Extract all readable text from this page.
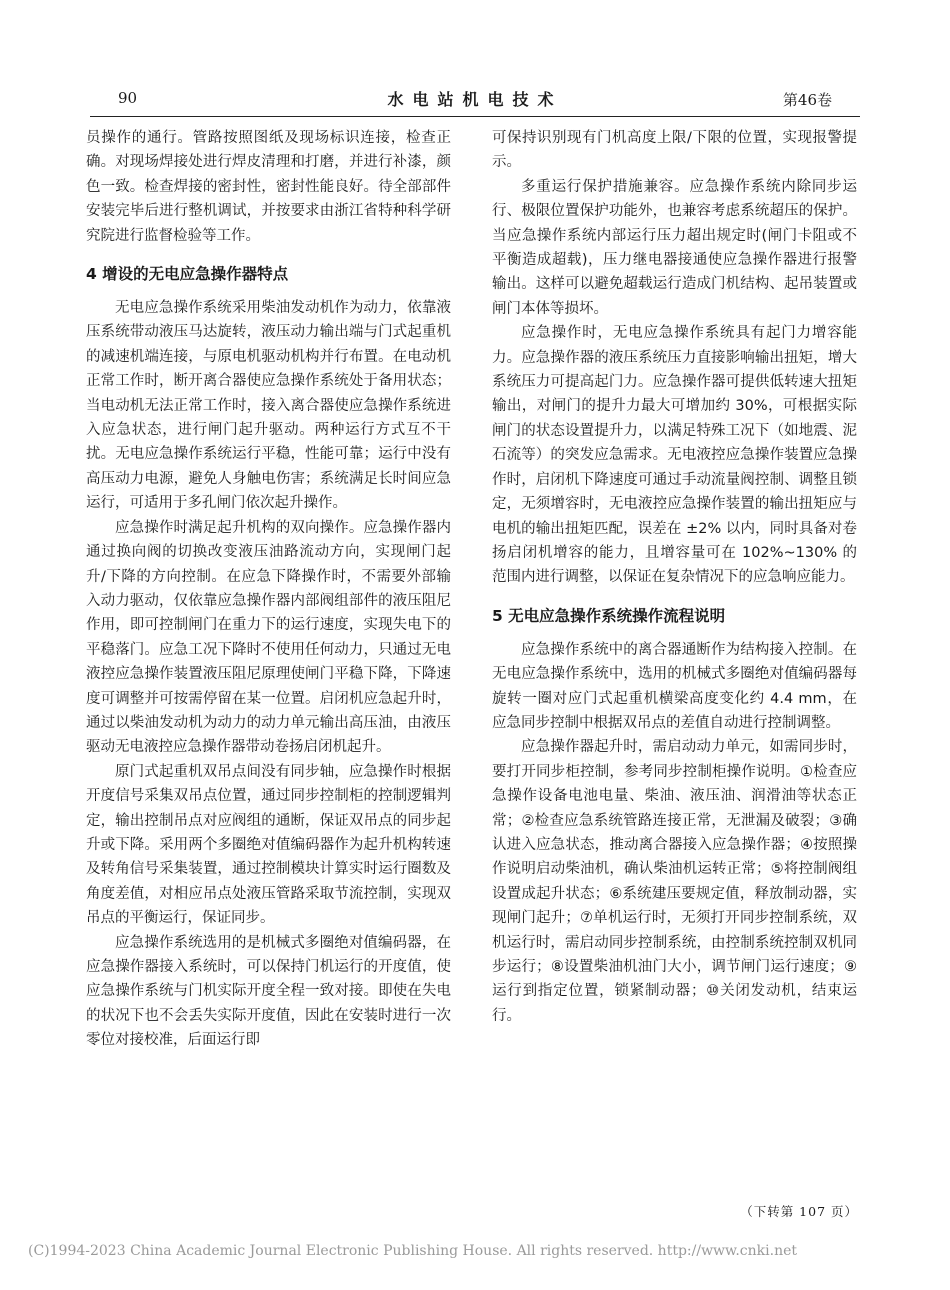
90	水电站机电技术	第46卷

员操作的通行。管路按照图纸及现场标识连接，检查正确。对现场焊接处进行焊皮清理和打磨，并进行补漆，颜色一致。检查焊接的密封性，密封性能良好。待全部部件安装完毕后进行整机调试，并按要求由浙江省特种科学研究院进行监督检验等工作。

4 增设的无电应急操作器特点

无电应急操作系统采用柴油发动机作为动力，依靠液压系统带动液压马达旋转，液压动力输出端与门式起重机的减速机端连接，与原电机驱动机构并行布置。在电动机正常工作时，断开离合器使应急操作系统处于备用状态；当电动机无法正常工作时，接入离合器使应急操作系统进入应急状态，进行闸门起升驱动。两种运行方式互不干扰。无电应急操作系统运行平稳，性能可靠；运行中没有高压动力电源，避免人身触电伤害；系统满足长时间应急运行，可适用于多孔闸门依次起升操作。

应急操作时满足起升机构的双向操作。应急操作器内通过换向阀的切换改变液压油路流动方向，实现闸门起升/下降的方向控制。在应急下降操作时，不需要外部输入动力驱动，仅依靠应急操作器内部阀组部件的液压阻尼作用，即可控制闸门在重力下的运行速度，实现失电下的平稳落门。应急工况下降时不使用任何动力，只通过无电液控应急操作装置液压阻尼原理使闸门平稳下降，下降速度可调整并可按需停留在某一位置。启闭机应急起升时，通过以柴油发动机为动力的动力单元输出高压油，由液压驱动无电液控应急操作器带动卷扬启闭机起升。

原门式起重机双吊点间没有同步轴，应急操作时根据开度信号采集双吊点位置，通过同步控制柜的控制逻辑判定，输出控制吊点对应阀组的通断，保证双吊点的同步起升或下降。采用两个多圈绝对值编码器作为起升机构转速及转角信号采集装置，通过控制模块计算实时运行圈数及角度差值，对相应吊点处液压管路采取节流控制，实现双吊点的平衡运行，保证同步。

应急操作系统选用的是机械式多圈绝对值编码器，在应急操作器接入系统时，可以保持门机运行的开度值，使应急操作系统与门机实际开度全程一致对接。即使在失电的状况下也不会丢失实际开度值，因此在安装时进行一次零位对接校准，后面运行即

可保持识别现有门机高度上限/下限的位置，实现报警提示。

多重运行保护措施兼容。应急操作系统内除同步运行、极限位置保护功能外，也兼容考虑系统超压的保护。当应急操作系统内部运行压力超出规定时(闸门卡阻或不平衡造成超载)，压力继电器接通使应急操作器进行报警输出。这样可以避免超载运行造成门机结构、起吊装置或闸门本体等损坏。

应急操作时，无电应急操作系统具有起门力增容能力。应急操作器的液压系统压力直接影响输出扭矩，增大系统压力可提高起门力。应急操作器可提供低转速大扭矩输出，对闸门的提升力最大可增加约 30%，可根据实际闸门的状态设置提升力，以满足特殊工况下（如地震、泥石流等）的突发应急需求。无电液控应急操作装置应急操作时，启闭机下降速度可通过手动流量阀控制、调整且锁定，无须增容时，无电液控应急操作装置的输出扭矩应与电机的输出扭矩匹配，误差在 ±2% 以内，同时具备对卷扬启闭机增容的能力，且增容量可在 102%~130% 的范围内进行调整，以保证在复杂情况下的应急响应能力。

5 无电应急操作系统操作流程说明

应急操作系统中的离合器通断作为结构接入控制。在无电应急操作系统中，选用的机械式多圈绝对值编码器每旋转一圈对应门式起重机横梁高度变化约 4.4 mm，在应急同步控制中根据双吊点的差值自动进行控制调整。

应急操作器起升时，需启动动力单元，如需同步时，要打开同步柜控制，参考同步控制柜操作说明。①检查应急操作设备电池电量、柴油、液压油、润滑油等状态正常；②检查应急系统管路连接正常，无泄漏及破裂；③确认进入应急状态，推动离合器接入应急操作器；④按照操作说明启动柴油机，确认柴油机运转正常；⑤将控制阀组设置成起升状态；⑥系统建压要规定值，释放制动器，实现闸门起升；⑦单机运行时，无须打开同步控制系统，双机运行时，需启动同步控制系统，由控制系统控制双机同步运行；⑧设置柴油机油门大小，调节闸门运行速度；⑨运行到指定位置，锁紧制动器；⑩关闭发动机，结束运行。

（下转第 107 页）
(C)1994-2023 China Academic Journal Electronic Publishing House. All rights reserved. http://www.cnki.net
